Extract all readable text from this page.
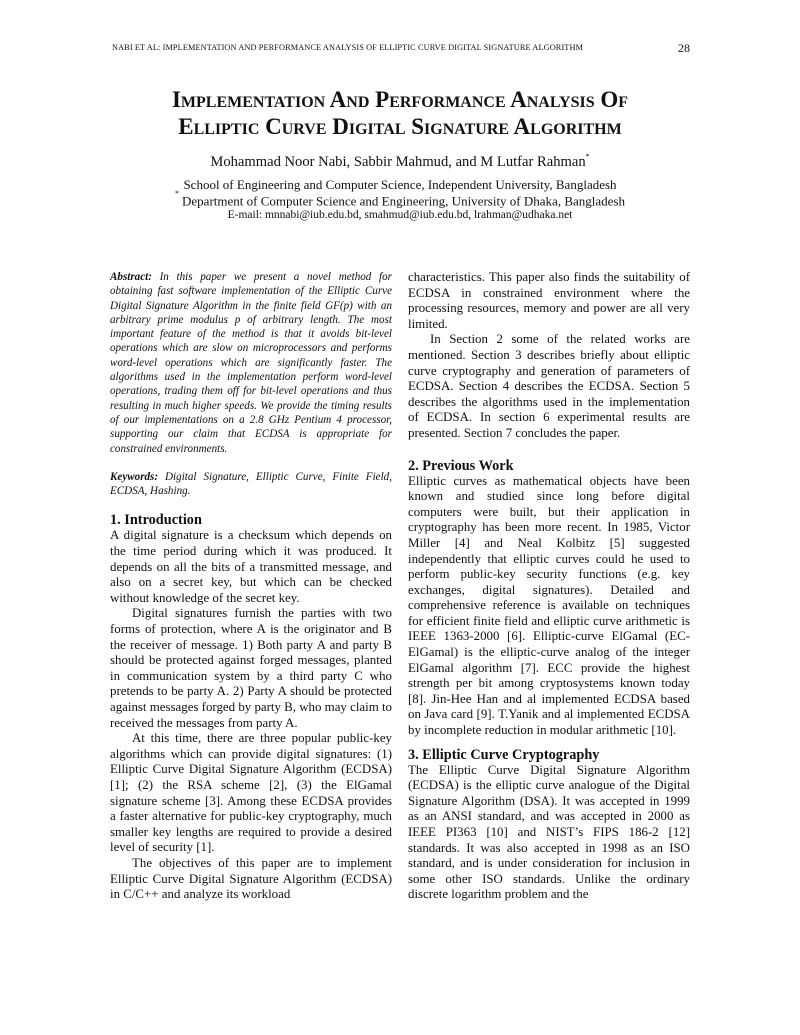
NABI ET AL: IMPLEMENTATION AND PERFORMANCE ANALYSIS OF ELLIPTIC CURVE DIGITAL SIGNATURE ALGORITHM	28
Implementation And Performance Analysis Of
Elliptic Curve Digital Signature Algorithm
Mohammad Noor Nabi, Sabbir Mahmud, and M Lutfar Rahman*
School of Engineering and Computer Science, Independent University, Bangladesh
* Department of Computer Science and Engineering, University of Dhaka, Bangladesh
E-mail: mnnabi@iub.edu.bd, smahmud@iub.edu.bd, lrahman@udhaka.net

Abstract: In this paper we present a novel method for obtaining fast software implementation of the Elliptic Curve Digital Signature Algorithm in the finite field GF(p) with an arbitrary prime modulus p of arbitrary length. The most important feature of the method is that it avoids bit-level operations which are slow on microprocessors and performs word-level operations which are significantly faster. The algorithms used in the implementation perform word-level operations, trading them off for bit-level operations and thus resulting in much higher speeds. We provide the timing results of our implementations on a 2.8 GHz Pentium 4 processor, supporting our claim that ECDSA is appropriate for constrained environments.

Keywords: Digital Signature, Elliptic Curve, Finite Field, ECDSA, Hashing.

1. Introduction

A digital signature is a checksum which depends on the time period during which it was produced. It depends on all the bits of a transmitted message, and also on a secret key, but which can be checked without knowledge of the secret key.

Digital signatures furnish the parties with two forms of protection, where A is the originator and B the receiver of message. 1) Both party A and party B should be protected against forged messages, planted in communication system by a third party C who pretends to be party A. 2) Party A should be protected against messages forged by party B, who may claim to received the messages from party A.

At this time, there are three popular public-key algorithms which can provide digital signatures: (1) Elliptic Curve Digital Signature Algorithm (ECDSA) [1]; (2) the RSA scheme [2], (3) the ElGamal signature scheme [3]. Among these ECDSA provides a faster alternative for public-key cryptography, much smaller key lengths are required to provide a desired level of security [1].

The objectives of this paper are to implement Elliptic Curve Digital Signature Algorithm (ECDSA) in C/C++ and analyze its workload

characteristics. This paper also finds the suitability of ECDSA in constrained environment where the processing resources, memory and power are all very limited.

In Section 2 some of the related works are mentioned. Section 3 describes briefly about elliptic curve cryptography and generation of parameters of ECDSA. Section 4 describes the ECDSA. Section 5 describes the algorithms used in the implementation of ECDSA. In section 6 experimental results are presented. Section 7 concludes the paper.

2. Previous Work

Elliptic curves as mathematical objects have been known and studied since long before digital computers were built, but their application in cryptography has been more recent. In 1985, Victor Miller [4] and Neal Kolbitz [5] suggested independently that elliptic curves could he used to perform public-key security functions (e.g. key exchanges, digital signatures). Detailed and comprehensive reference is available on techniques for efficient finite field and elliptic curve arithmetic is IEEE 1363-2000 [6]. Elliptic-curve ElGamal (EC-ElGamal) is the elliptic-curve analog of the integer ElGamal algorithm [7]. ECC provide the highest strength per bit among cryptosystems known today [8]. Jin-Hee Han and al implemented ECDSA based on Java card [9]. T.Yanik and al implemented ECDSA by incomplete reduction in modular arithmetic [10].

3. Elliptic Curve Cryptography

The Elliptic Curve Digital Signature Algorithm (ECDSA) is the elliptic curve analogue of the Digital Signature Algorithm (DSA). It was accepted in 1999 as an ANSI standard, and was accepted in 2000 as IEEE PI363 [10] and NIST’s FIPS 186-2 [12] standards. It was also accepted in 1998 as an ISO standard, and is under consideration for inclusion in some other ISO standards. Unlike the ordinary discrete logarithm problem and the
